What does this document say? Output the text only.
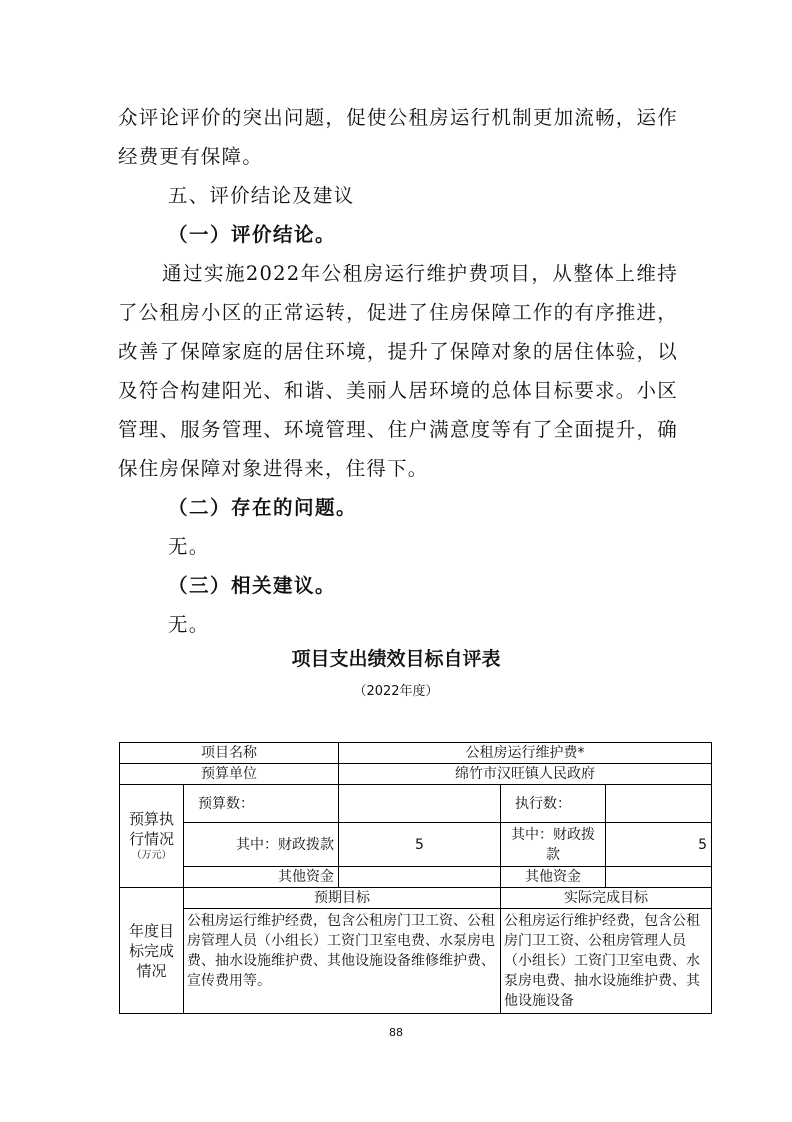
众评论评价的突出问题，促使公租房运行机制更加流畅，运作经费更有保障。
五、评价结论及建议
（一）评价结论。
通过实施2022年公租房运行维护费项目，从整体上维持了公租房小区的正常运转，促进了住房保障工作的有序推进，改善了保障家庭的居住环境，提升了保障对象的居住体验，以及符合构建阳光、和谐、美丽人居环境的总体目标要求。小区管理、服务管理、环境管理、住户满意度等有了全面提升，确保住房保障对象进得来，住得下。
（二）存在的问题。
无。
（三）相关建议。
无。
项目支出绩效目标自评表
（2022年度）
项目名称		公租房运行维护费*		
预算单位		绵竹市汉旺镇人民政府		
预算执行情况
（万元）	预算数：		执行数：	
	其中：财政拨款	5	其中：财政拨款	5
	其他资金		其他资金	
年度目标完成情况	预期目标		实际完成目标	
	公租房运行维护经费，包含公租房门卫工资、公租房管理人员（小组长）工资门卫室电费、水泵房电费、抽水设施维护费、其他设施设备维修维护费、宣传费用等。		公租房运行维护经费，包含公租房门卫工资、公租房管理人员（小组长）工资门卫室电费、水泵房电费、抽水设施维护费、其他设施设备	
88
